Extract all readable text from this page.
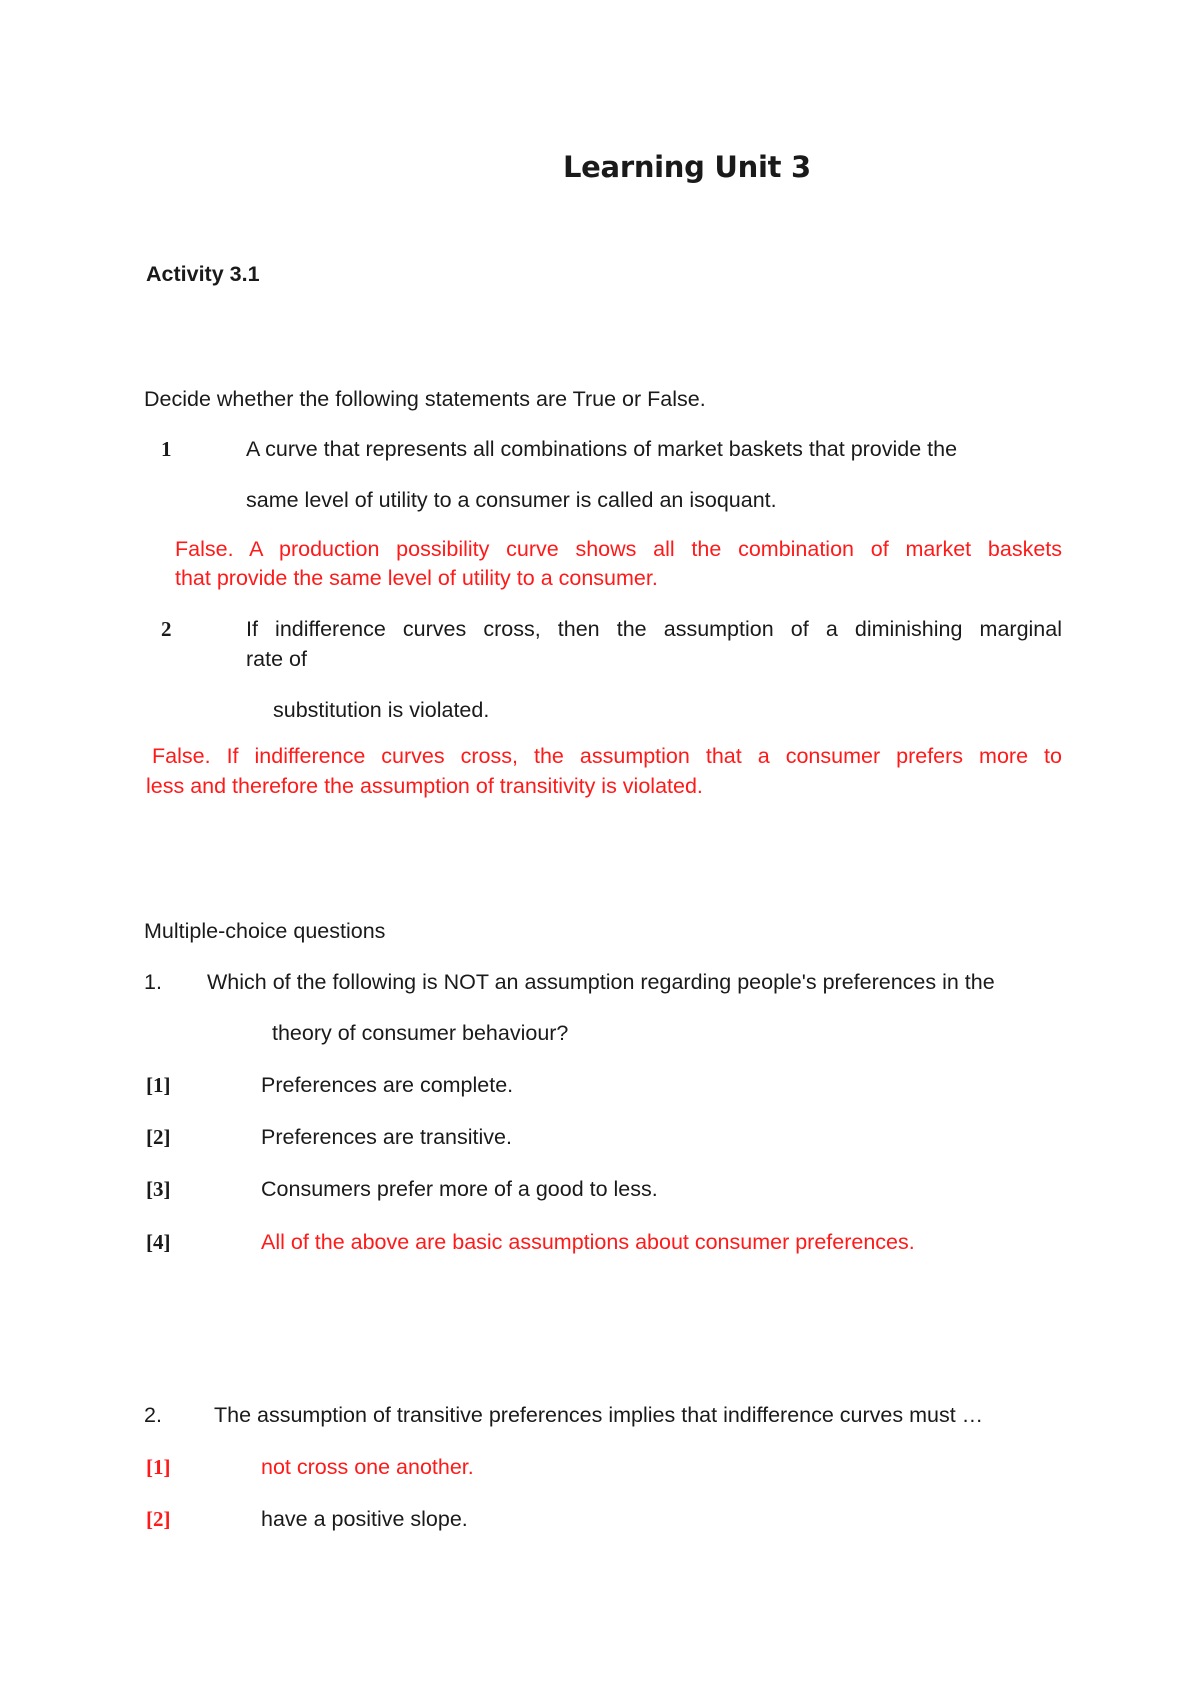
Learning Unit 3
Activity 3.1
Decide whether the following statements are True or False.
1	A curve that represents all combinations of market baskets that provide the
same level of utility to a consumer is called an isoquant.
False. A production possibility curve shows all the combination of market baskets
that provide the same level of utility to a consumer.
2	If indifference curves cross, then the assumption of a diminishing marginal
rate of
substitution is violated.
False. If indifference curves cross, the assumption that a consumer prefers more to
less and therefore the assumption of transitivity is violated.
Multiple-choice questions
1. Which of the following is NOT an assumption regarding people's preferences in the
theory of consumer behaviour?
[1]	Preferences are complete.
[2]	Preferences are transitive.
[3]	Consumers prefer more of a good to less.
[4]	All of the above are basic assumptions about consumer preferences.
2. The assumption of transitive preferences implies that indifference curves must …
[1]	not cross one another.
[2]	have a positive slope.
